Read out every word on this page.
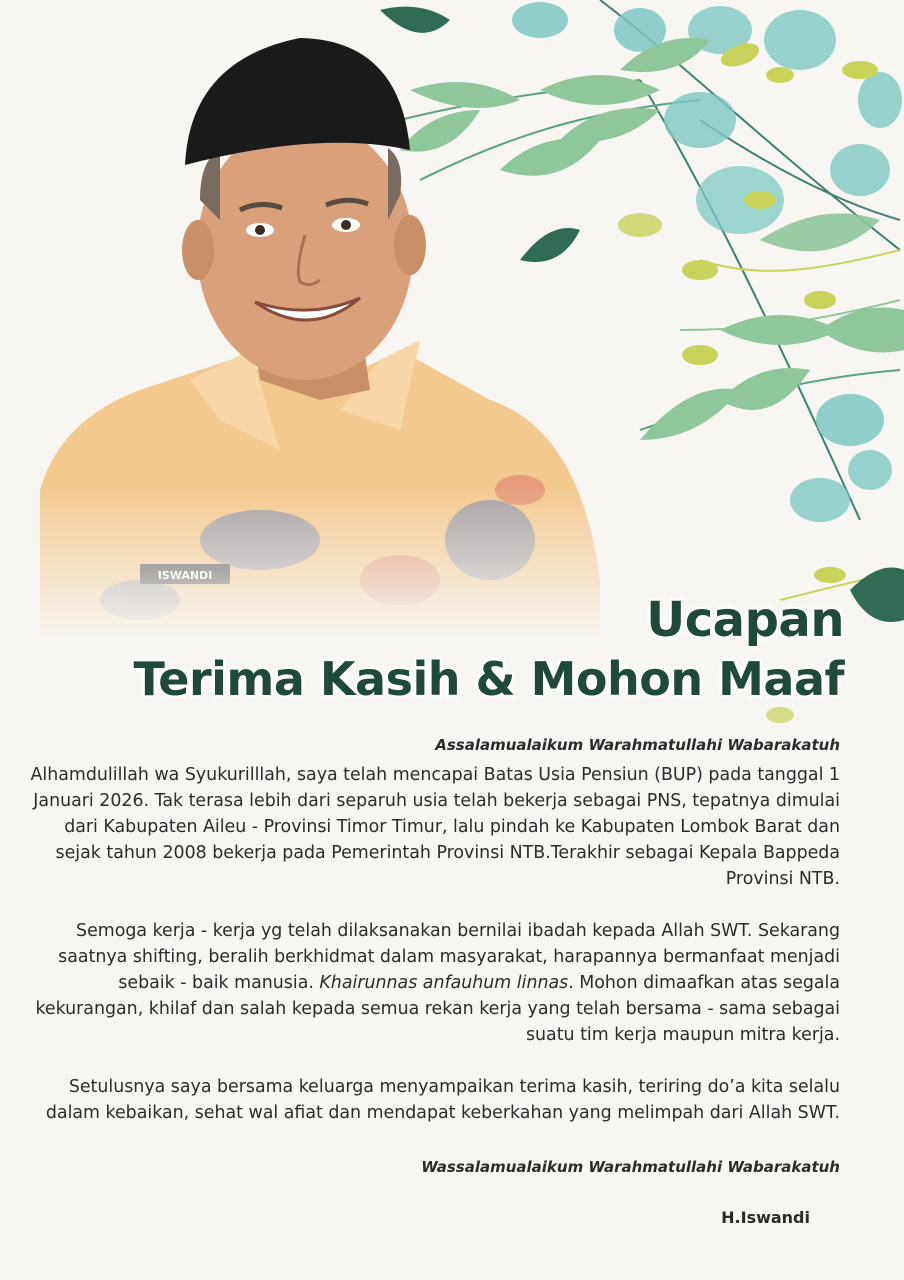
Ucapan
Terima Kasih & Mohon Maaf
Assalamualaikum Warahmatullahi Wabarakatuh

Alhamdulillah wa Syukurilllah, saya telah mencapai Batas Usia Pensiun (BUP) pada tanggal 1 Januari 2026. Tak terasa lebih dari separuh usia telah bekerja sebagai PNS, tepatnya dimulai dari Kabupaten Aileu - Provinsi Timor Timur, lalu pindah ke Kabupaten Lombok Barat dan sejak tahun 2008 bekerja pada Pemerintah Provinsi NTB.Terakhir sebagai Kepala Bappeda Provinsi NTB.

Semoga kerja - kerja yg telah dilaksanakan bernilai ibadah kepada Allah SWT. Sekarang saatnya shifting, beralih berkhidmat dalam masyarakat, harapannya bermanfaat menjadi sebaik - baik manusia. Khairunnas anfauhum linnas. Mohon dimaafkan atas segala kekurangan, khilaf dan salah kepada semua rekan kerja yang telah bersama - sama sebagai suatu tim kerja maupun mitra kerja.

Setulusnya saya bersama keluarga menyampaikan terima kasih, teriring do’a kita selalu dalam kebaikan, sehat wal afiat dan mendapat keberkahan yang melimpah dari Allah SWT.

Wassalamualaikum Warahmatullahi Wabarakatuh
H.Iswandi
